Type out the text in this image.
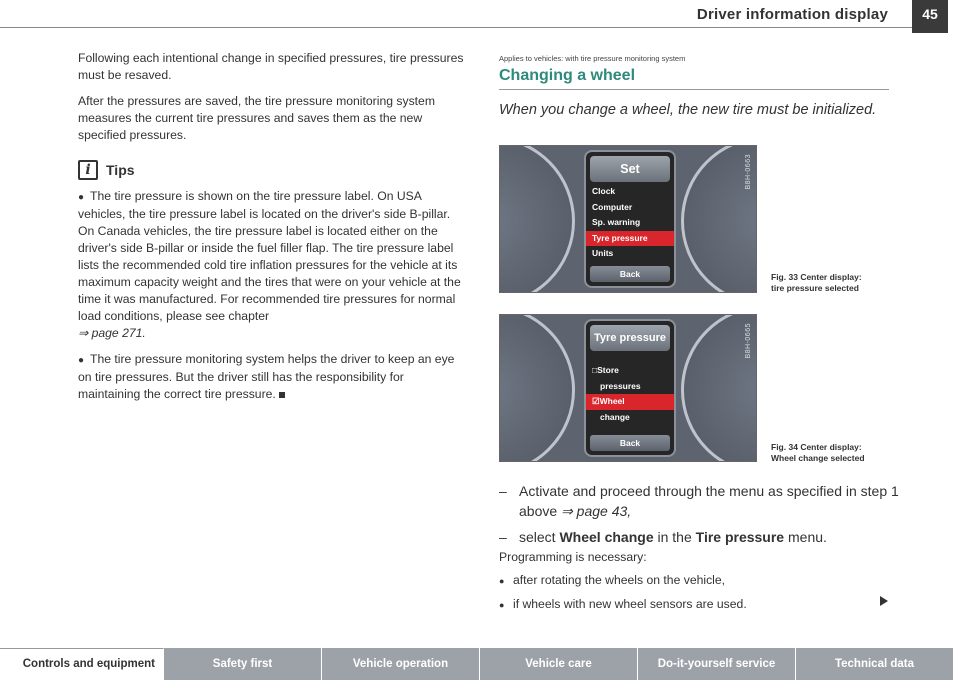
Driver information display	45

Following each intentional change in specified pressures, tire pressures must be resaved.

After the pressures are saved, the tire pressure monitoring system measures the current tire pressures and saves them as the new specified pressures.

i	Tips

● The tire pressure is shown on the tire pressure label. On USA vehicles, the tire pressure label is located on the driver's side B-pillar. On Canada vehicles, the tire pressure label is located either on the driver's side B-pillar or inside the fuel filler flap. The tire pressure label lists the recommended cold tire inflation pressures for the vehicle at its maximum capacity weight and the tires that were on your vehicle at the time it was manufactured. For recommended tire pressures for normal load conditions, please see chapter
⇒ page 271.

● The tire pressure monitoring system helps the driver to keep an eye on tire pressures. But the driver still has the responsibility for maintaining the correct tire pressure.

Applies to vehicles: with tire pressure monitoring system
Changing a wheel
When you change a wheel, the new tire must be initialized.
B8H-0663
Set
Clock
Computer
Sp. warning
Tyre pressure
Units
Back	Fig. 33 Center display:
tire pressure selected
B8H-0665
Tyre pressure
□Store
pressures
☑Wheel
change
Back	Fig. 34 Center display:
Wheel change selected
– Activate and proceed through the menu as specified in step 1 above ⇒ page 43,
– select Wheel change in the Tire pressure menu.
Programming is necessary:
● after rotating the wheels on the vehicle,
● if wheels with new wheel sensors are used.
Controls and equipment	Safety first	Vehicle operation	Vehicle care	Do-it-yourself service	Technical data
